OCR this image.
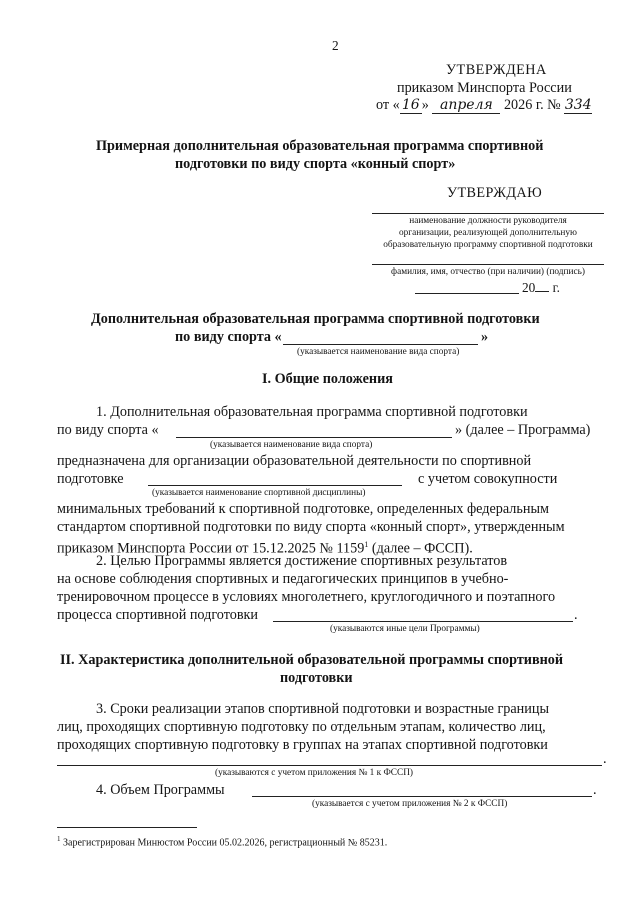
2
УТВЕРЖДЕНА
приказом Минспорта России
от « 16 » апреля 2026 г. № 334
Примерная дополнительная образовательная программа спортивной
подготовки по виду спорта «конный спорт»
УТВЕРЖДАЮ
наименование должности руководителя
организации, реализующей дополнительную
образовательную программу спортивной подготовки
фамилия, имя, отчество (при наличии) (подпись)
20 г.
Дополнительная образовательная программа спортивной подготовки
по виду спорта «	»
(указывается наименование вида спорта)
I. Общие положения
1. Дополнительная образовательная программа спортивной подготовки
по виду спорта «	» (далее – Программа)
(указывается наименование вида спорта)
предназначена для организации образовательной деятельности по спортивной
подготовке	с учетом совокупности
(указывается наименование спортивной дисциплины)
минимальных требований к спортивной подготовке, определенных федеральным
стандартом спортивной подготовки по виду спорта «конный спорт», утвержденным
приказом Минспорта России от 15.12.2025 № 1159$^1$ (далее – ФССП).
2. Целью Программы является достижение спортивных результатов
на основе соблюдения спортивных и педагогических принципов в учебно-
тренировочном процессе в условиях многолетнего, круглогодичного и поэтапного
процесса спортивной подготовки	.
(указываются иные цели Программы)
II. Характеристика дополнительной образовательной программы спортивной
подготовки
3. Сроки реализации этапов спортивной подготовки и возрастные границы
лиц, проходящих спортивную подготовку по отдельным этапам, количество лиц,
проходящих спортивную подготовку в группах на этапах спортивной подготовки
.
(указываются с учетом приложения № 1 к ФССП)
4. Объем Программы	.
(указывается с учетом приложения № 2 к ФССП)
$^1$ Зарегистрирован Минюстом России 05.02.2026, регистрационный № 85231.
